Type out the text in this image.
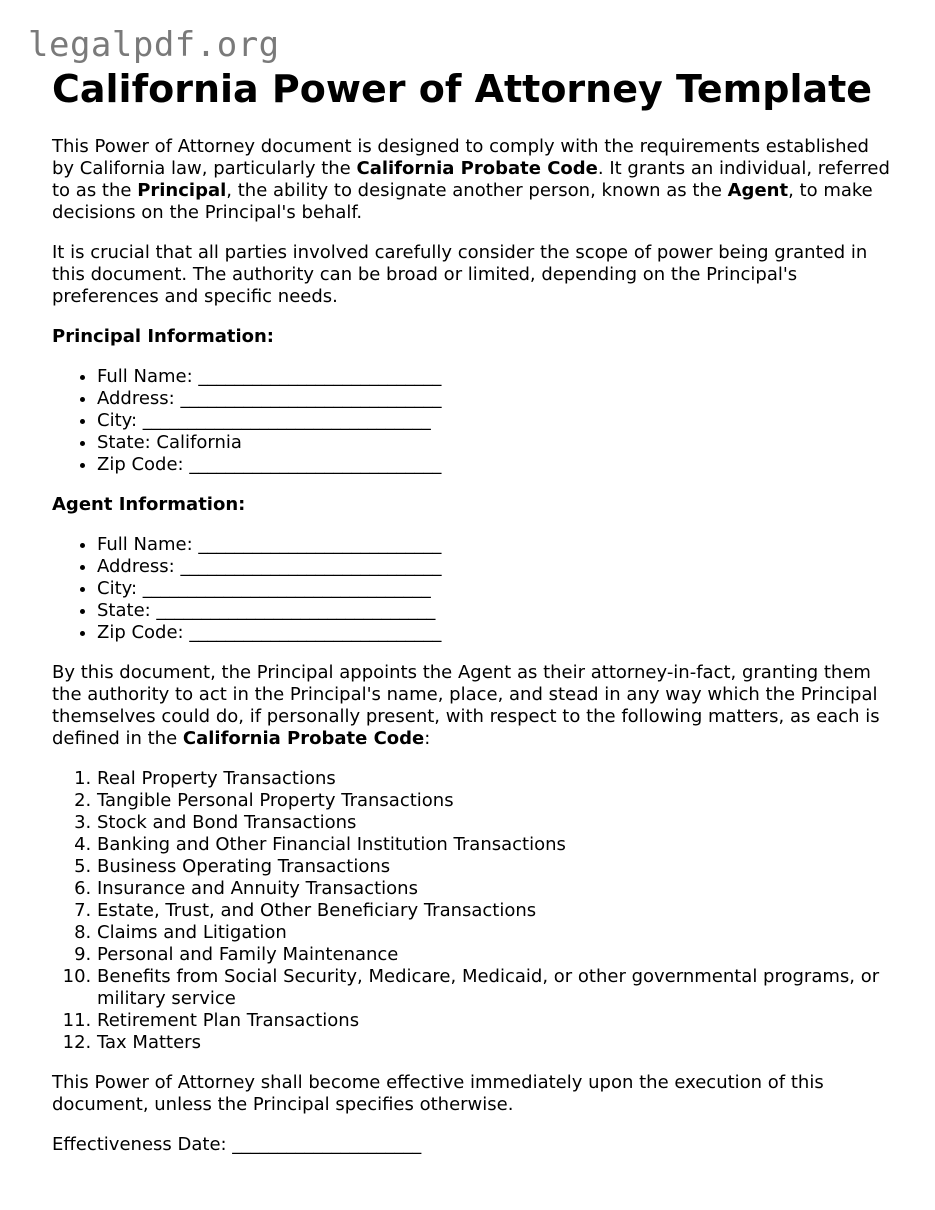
legalpdf.org
California Power of Attorney Template

This Power of Attorney document is designed to comply with the requirements established by California law, particularly the California Probate Code. It grants an individual, referred to as the Principal, the ability to designate another person, known as the Agent, to make decisions on the Principal's behalf.

It is crucial that all parties involved carefully consider the scope of power being granted in this document. The authority can be broad or limited, depending on the Principal's preferences and specific needs.

Principal Information:

• Full Name: ___________________________
• Address: _____________________________
• City: ________________________________
• State: California
• Zip Code: ____________________________

Agent Information:

• Full Name: ___________________________
• Address: _____________________________
• City: ________________________________
• State: _______________________________
• Zip Code: ____________________________

By this document, the Principal appoints the Agent as their attorney-in-fact, granting them the authority to act in the Principal's name, place, and stead in any way which the Principal themselves could do, if personally present, with respect to the following matters, as each is defined in the California Probate Code:

1. Real Property Transactions
2. Tangible Personal Property Transactions
3. Stock and Bond Transactions
4. Banking and Other Financial Institution Transactions
5. Business Operating Transactions
6. Insurance and Annuity Transactions
7. Estate, Trust, and Other Beneficiary Transactions
8. Claims and Litigation
9. Personal and Family Maintenance
10. Benefits from Social Security, Medicare, Medicaid, or other governmental programs, or military service
11. Retirement Plan Transactions
12. Tax Matters

This Power of Attorney shall become effective immediately upon the execution of this document, unless the Principal specifies otherwise.

Effectiveness Date: _____________________
